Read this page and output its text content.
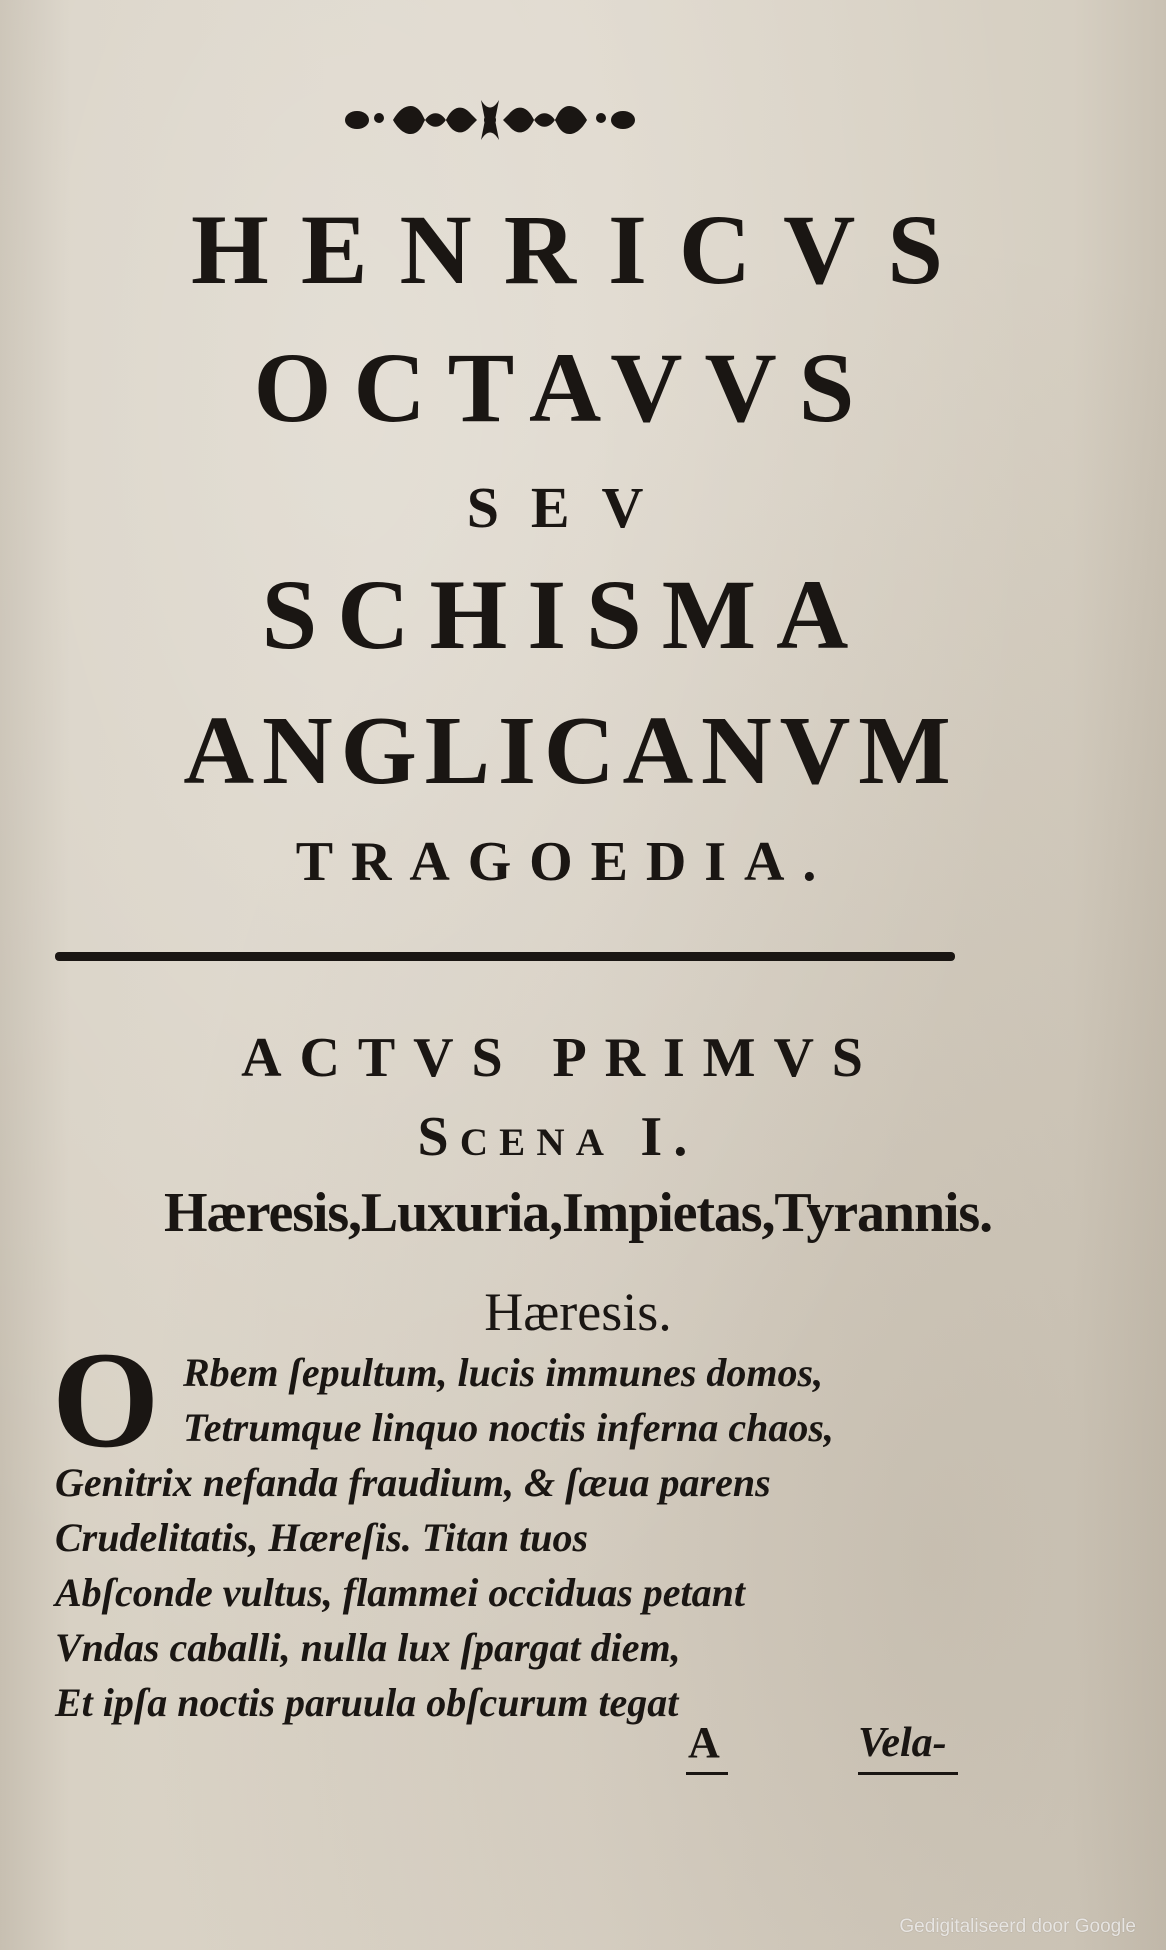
HENRICVS
OCTAVVS
SEV
SCHISMA
ANGLICANVM
TRAGOEDIA.
ACTVS PRIMVS
Scena I.
Hæresis,Luxuria,Impietas,Tyrannis.
Hæresis.
O Rbem ſepultum, lucis immunes domos,
Tetrumque linquo noctis inferna chaos,
Genitrix nefanda fraudium, & ſæua parens
Crudelitatis, Hæreſis. Titan tuos
Abſconde vultus, flammei occiduas petant
Vndas caballi, nulla lux ſpargat diem,
Et ipſa noctis paruula obſcurum tegat
A	Vela-
Gedigitaliseerd door Google
